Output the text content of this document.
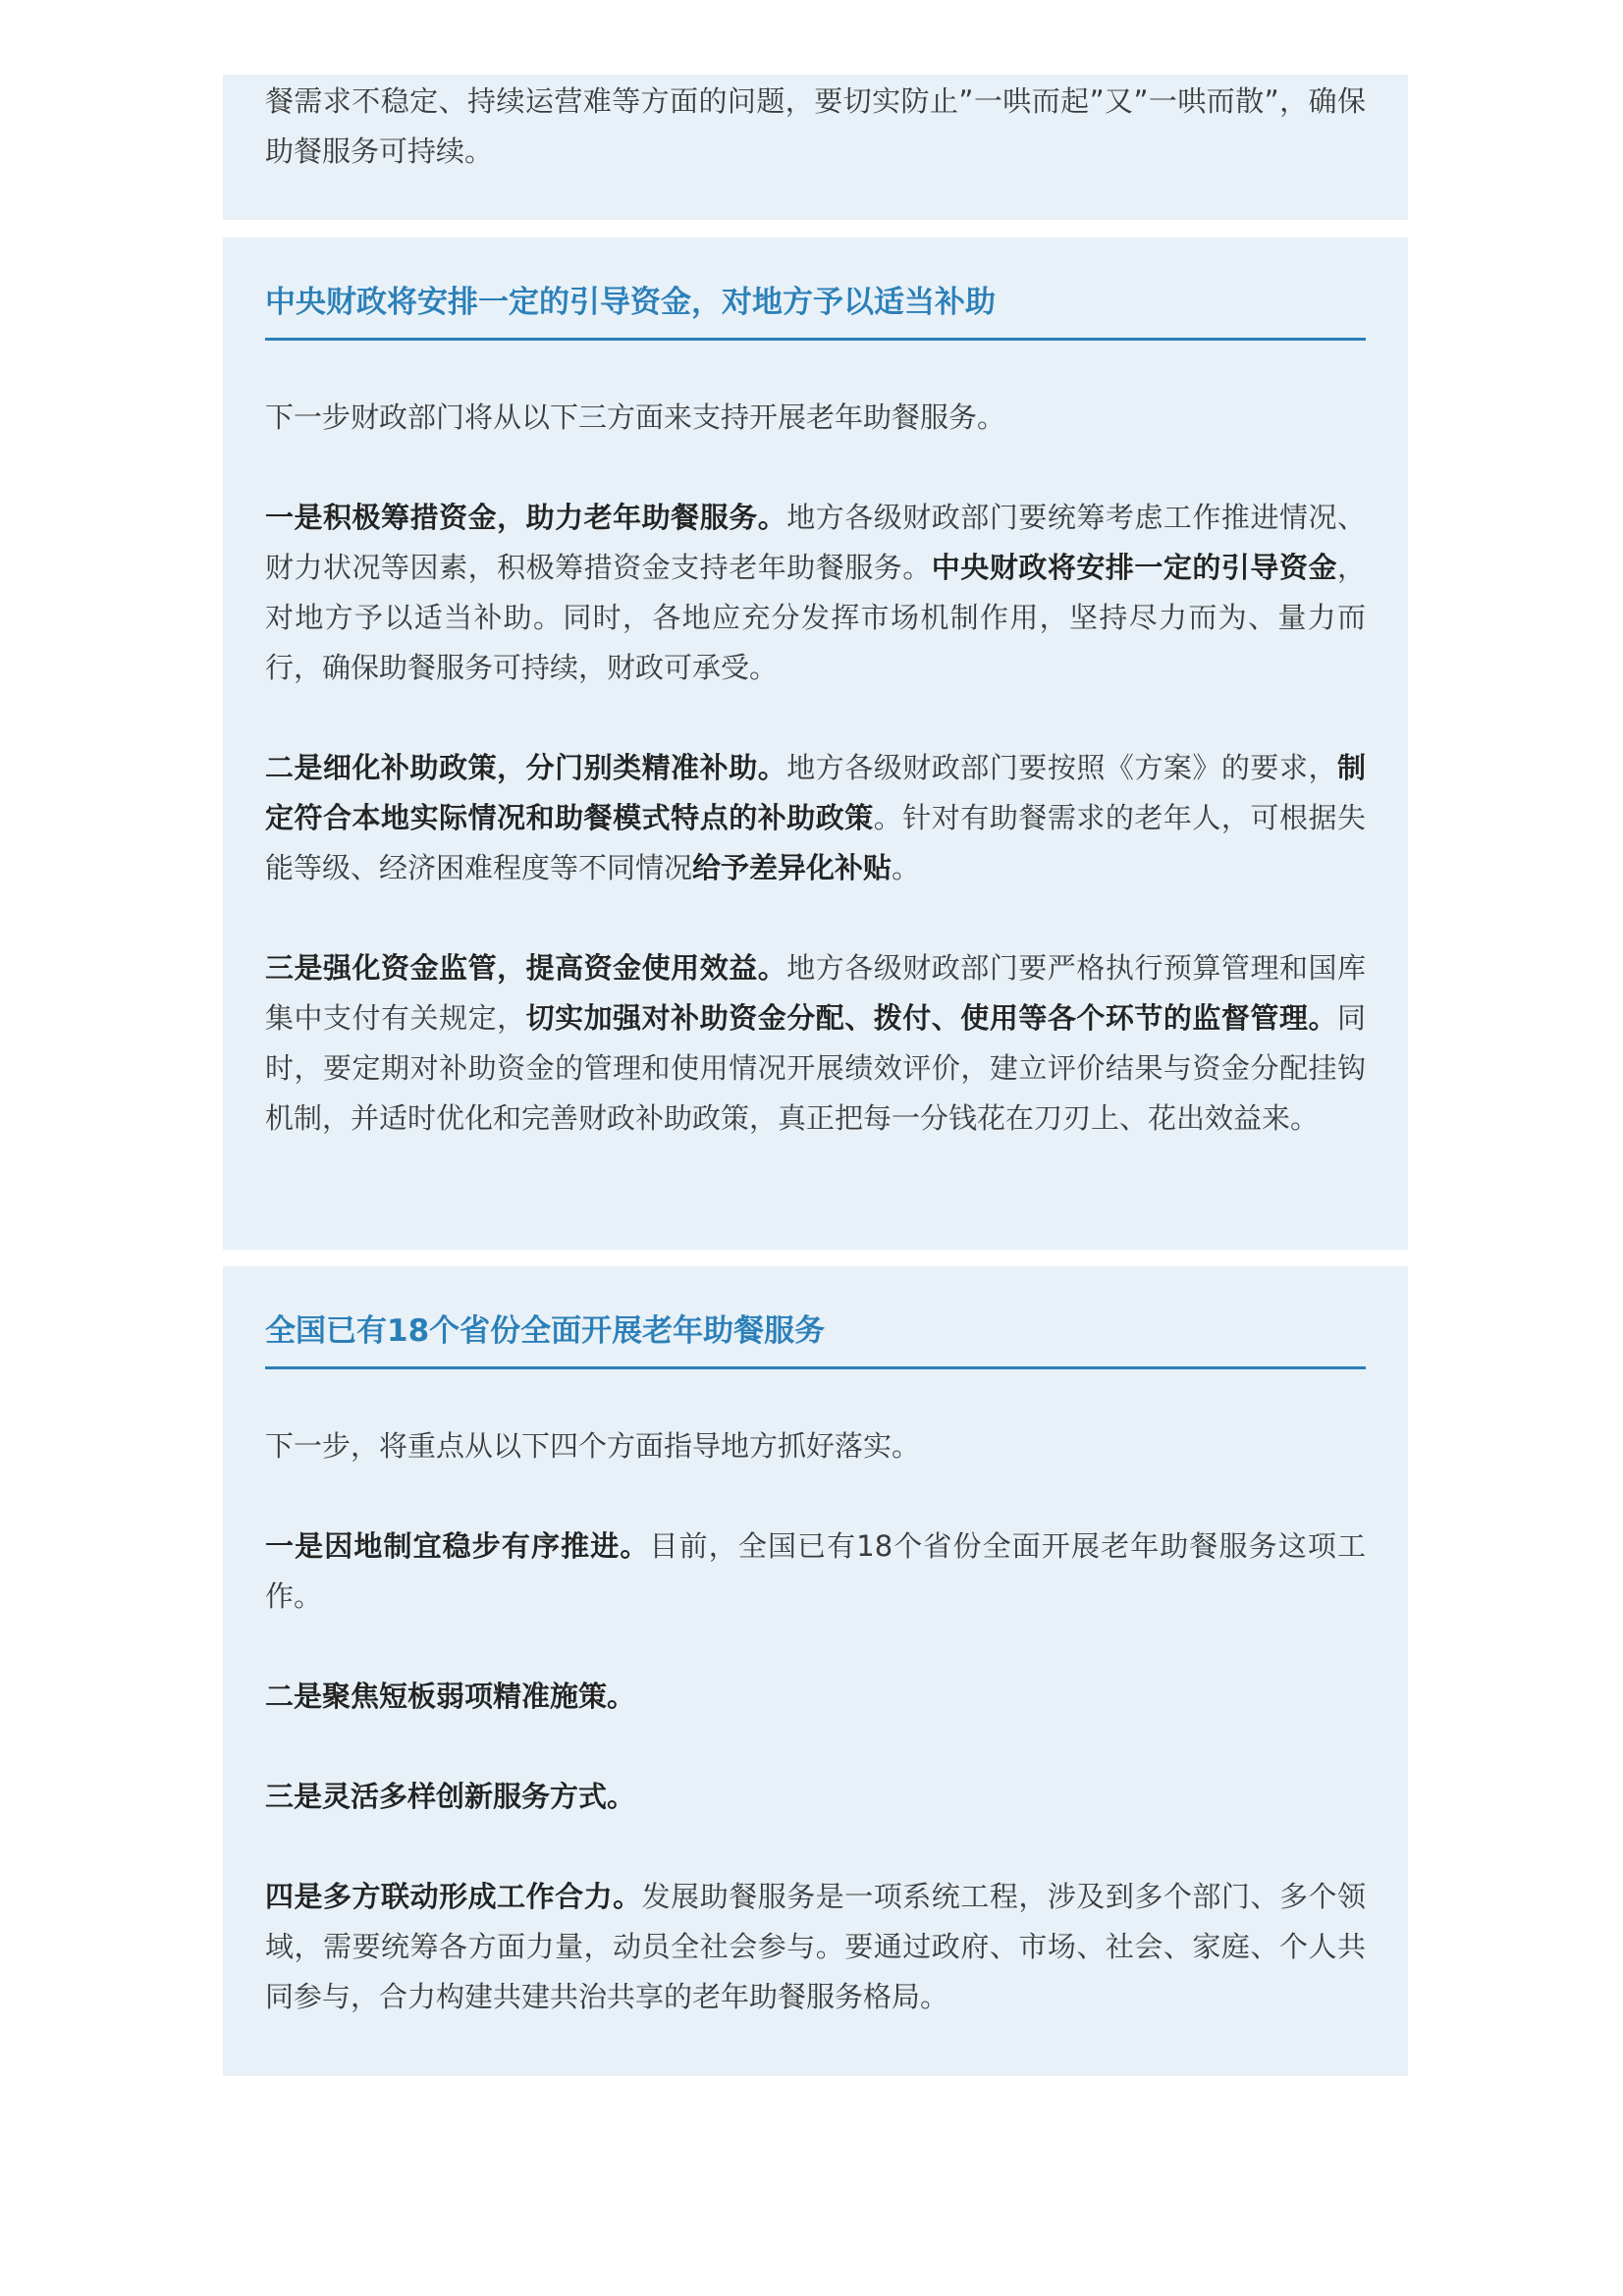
餐需求不稳定、持续运营难等方面的问题，要切实防止”一哄而起”又”一哄而散”，确保助餐服务可持续。

中央财政将安排一定的引导资金，对地方予以适当补助

下一步财政部门将从以下三方面来支持开展老年助餐服务。

一是积极筹措资金，助力老年助餐服务。地方各级财政部门要统筹考虑工作推进情况、财力状况等因素，积极筹措资金支持老年助餐服务。中央财政将安排一定的引导资金，对地方予以适当补助。同时，各地应充分发挥市场机制作用，坚持尽力而为、量力而行，确保助餐服务可持续，财政可承受。

二是细化补助政策，分门别类精准补助。地方各级财政部门要按照《方案》的要求，制定符合本地实际情况和助餐模式特点的补助政策。针对有助餐需求的老年人，可根据失能等级、经济困难程度等不同情况给予差异化补贴。

三是强化资金监管，提高资金使用效益。地方各级财政部门要严格执行预算管理和国库集中支付有关规定，切实加强对补助资金分配、拨付、使用等各个环节的监督管理。同时，要定期对补助资金的管理和使用情况开展绩效评价，建立评价结果与资金分配挂钩机制，并适时优化和完善财政补助政策，真正把每一分钱花在刀刃上、花出效益来。

全国已有18个省份全面开展老年助餐服务

下一步，将重点从以下四个方面指导地方抓好落实。

一是因地制宜稳步有序推进。目前，全国已有18个省份全面开展老年助餐服务这项工作。

二是聚焦短板弱项精准施策。

三是灵活多样创新服务方式。

四是多方联动形成工作合力。发展助餐服务是一项系统工程，涉及到多个部门、多个领域，需要统筹各方面力量，动员全社会参与。要通过政府、市场、社会、家庭、个人共同参与，合力构建共建共治共享的老年助餐服务格局。
